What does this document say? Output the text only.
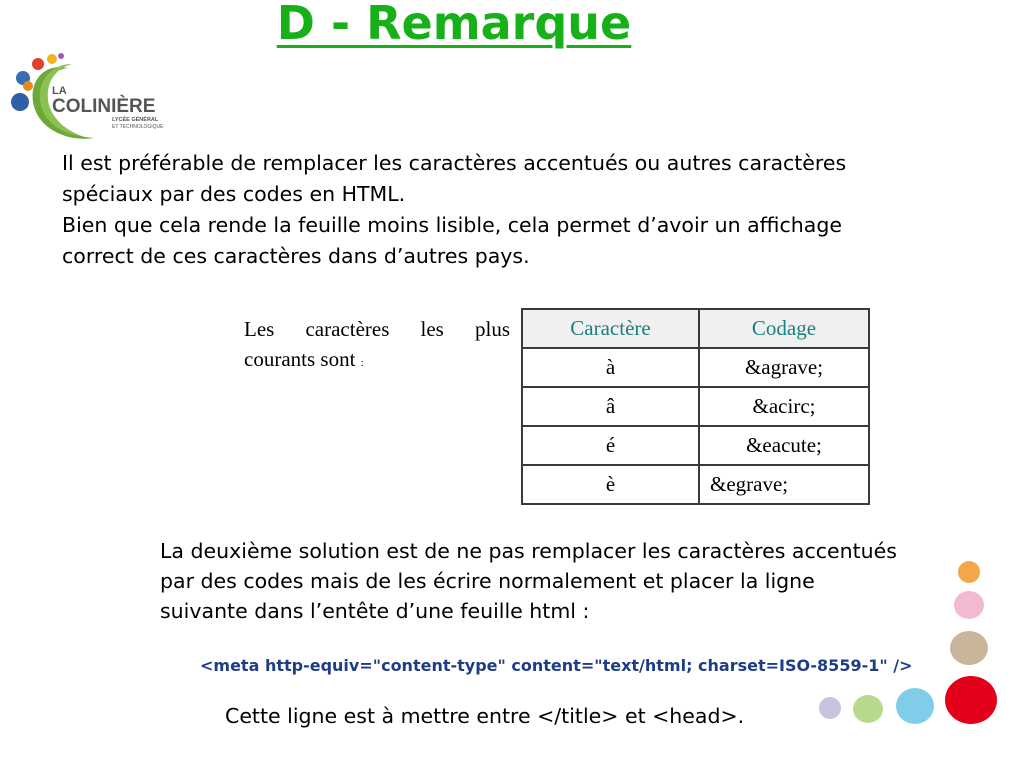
D - Remarque
LA
COLINIÈRE
LYCÉE GÉNÉRAL
ET TECHNOLOGIQUE

Il est préférable de remplacer les caractères accentués ou autres caractères spéciaux par des codes en HTML.

Bien que cela rende la feuille moins lisible, cela permet d’avoir un affichage correct de ces caractères dans d’autres pays.

Les caractères les plus
courants sont :
Caractère	Codage
à	&agrave;
â	&acirc;
é	&eacute;
è	&egrave;
La deuxième solution est de ne pas remplacer les caractères accentués par des codes mais de les écrire normalement et placer la ligne suivante dans l’entête d’une feuille html :
<meta http-equiv="content-type" content="text/html; charset=ISO-8559-1" />
Cette ligne est à mettre entre </title> et <head>.
